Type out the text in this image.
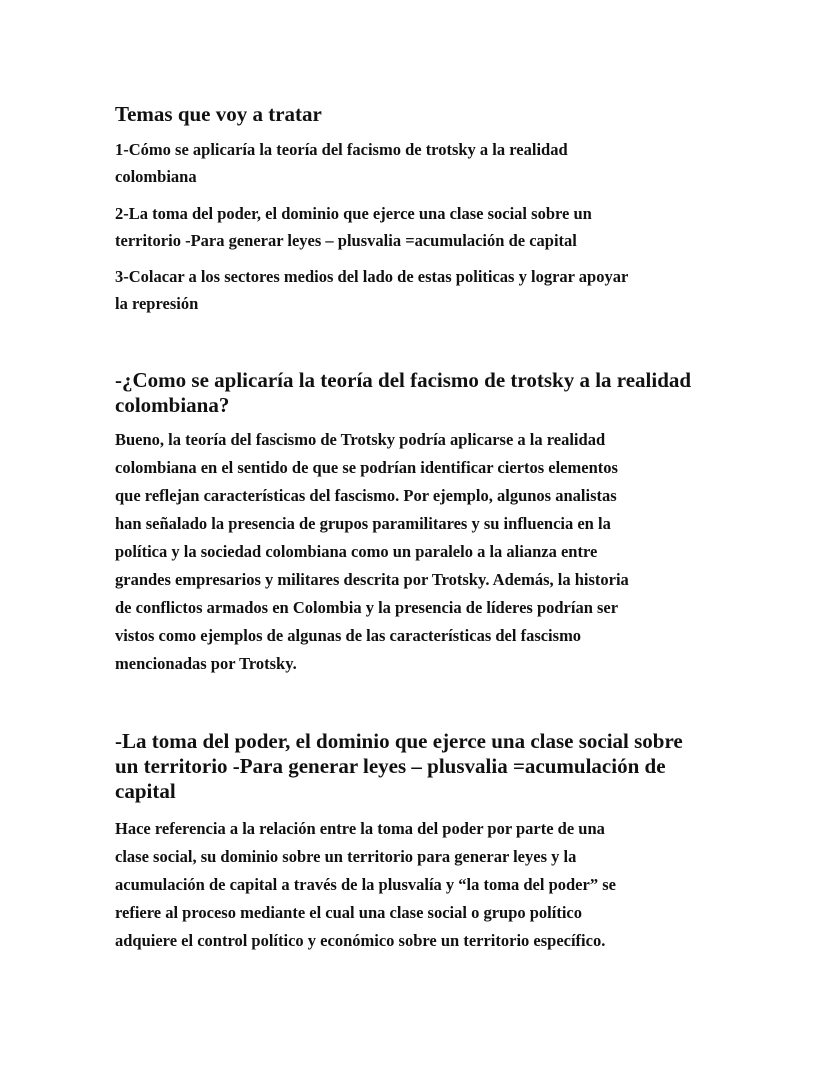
Temas que voy a tratar

1-Cómo se aplicaría la teoría del facismo de trotsky a la realidad
colombiana

2-La toma del poder, el dominio que ejerce una clase social sobre un
territorio -Para generar leyes – plusvalia =acumulación de capital

3-Colacar a los sectores medios del lado de estas politicas y lograr apoyar
la represión

-¿Como se aplicaría la teoría del facismo de trotsky a la realidad
colombiana?

Bueno, la teoría del fascismo de Trotsky podría aplicarse a la realidad
colombiana en el sentido de que se podrían identificar ciertos elementos
que reflejan características del fascismo. Por ejemplo, algunos analistas
han señalado la presencia de grupos paramilitares y su influencia en la
política y la sociedad colombiana como un paralelo a la alianza entre
grandes empresarios y militares descrita por Trotsky. Además, la historia
de conflictos armados en Colombia y la presencia de líderes podrían ser
vistos como ejemplos de algunas de las características del fascismo
mencionadas por Trotsky.

-La toma del poder, el dominio que ejerce una clase social sobre
un territorio -Para generar leyes – plusvalia =acumulación de
capital

Hace referencia a la relación entre la toma del poder por parte de una
clase social, su dominio sobre un territorio para generar leyes y la
acumulación de capital a través de la plusvalía y “la toma del poder” se
refiere al proceso mediante el cual una clase social o grupo político
adquiere el control político y económico sobre un territorio específico.
